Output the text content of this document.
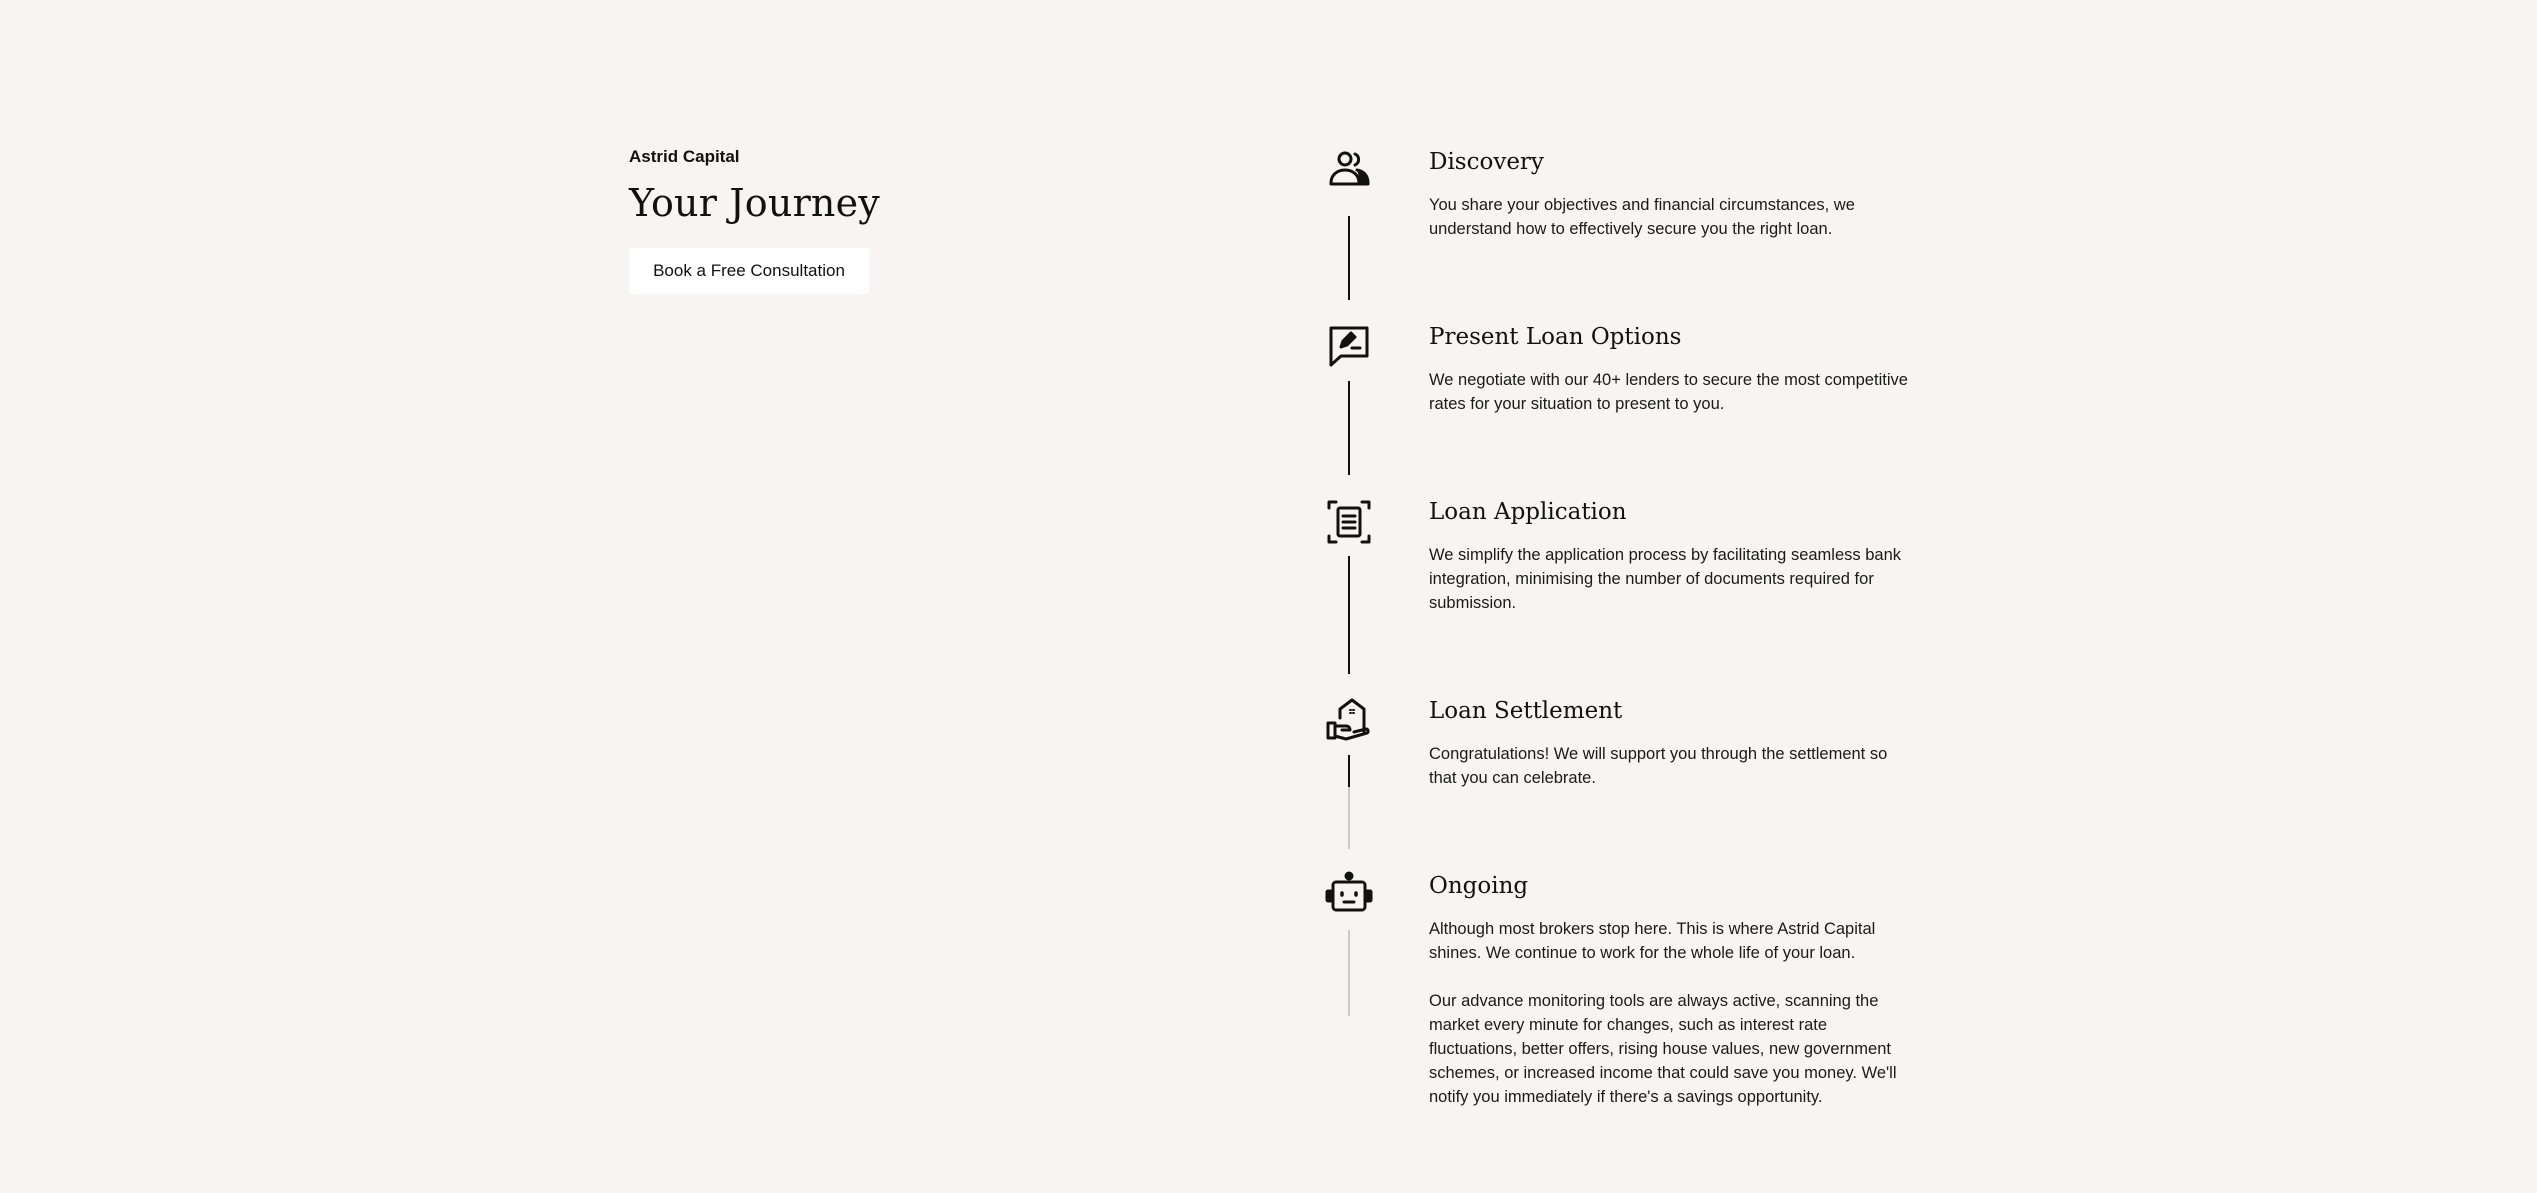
Astrid Capital

Your Journey
Book a Free Consultation
Discovery

You share your objectives and financial circumstances, we understand how to effectively secure you the right loan.

Present Loan Options

We negotiate with our 40+ lenders to secure the most competitive rates for your situation to present to you.

Loan Application

We simplify the application process by facilitating seamless bank integration, minimising the number of documents required for submission.

Loan Settlement

Congratulations! We will support you through the settlement so that you can celebrate.

Ongoing

Although most brokers stop here. This is where Astrid Capital shines. We continue to work for the whole life of your loan.

Our advance monitoring tools are always active, scanning the market every minute for changes, such as interest rate fluctuations, better offers, rising house values, new government schemes, or increased income that could save you money. We'll notify you immediately if there's a savings opportunity.
